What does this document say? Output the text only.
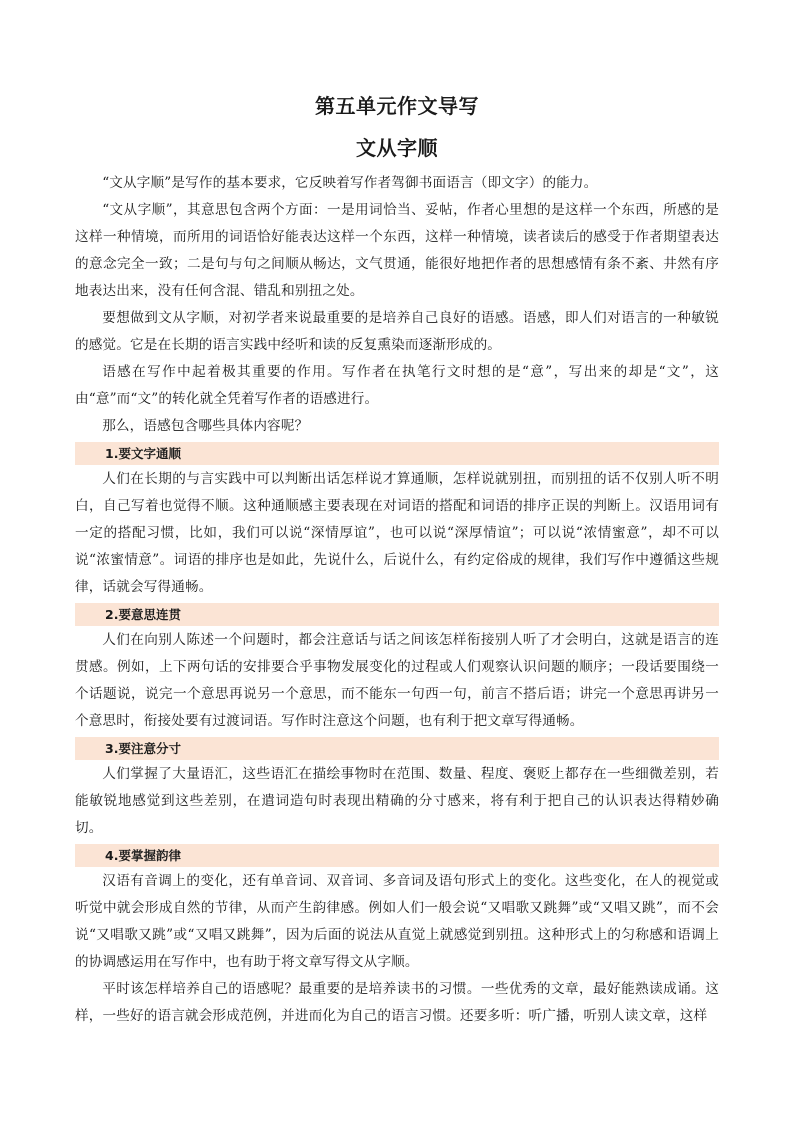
第五单元作文导写
文从字顺

“文从字顺”是写作的基本要求，它反映着写作者驾御书面语言（即文字）的能力。

“文从字顺”，其意思包含两个方面：一是用词恰当、妥帖，作者心里想的是这样一个东西，所感的是这样一种情境，而所用的词语恰好能表达这样一个东西，这样一种情境，读者读后的感受于作者期望表达的意念完全一致；二是句与句之间顺从畅达，文气贯通，能很好地把作者的思想感情有条不紊、井然有序地表达出来，没有任何含混、错乱和别扭之处。

要想做到文从字顺，对初学者来说最重要的是培养自己良好的语感。语感，即人们对语言的一种敏锐的感觉。它是在长期的语言实践中经听和读的反复熏染而逐渐形成的。

语感在写作中起着极其重要的作用。写作者在执笔行文时想的是“意”，写出来的却是“文”，这由“意”而“文”的转化就全凭着写作者的语感进行。

那么，语感包含哪些具体内容呢？

1.要文字通顺

人们在长期的与言实践中可以判断出话怎样说才算通顺，怎样说就别扭，而别扭的话不仅别人听不明白，自己写着也觉得不顺。这种通顺感主要表现在对词语的搭配和词语的排序正误的判断上。汉语用词有一定的搭配习惯，比如，我们可以说“深情厚谊”，也可以说“深厚情谊”；可以说“浓情蜜意”，却不可以说“浓蜜情意”。词语的排序也是如此，先说什么，后说什么，有约定俗成的规律，我们写作中遵循这些规律，话就会写得通畅。

2.要意思连贯

人们在向别人陈述一个问题时，都会注意话与话之间该怎样衔接别人听了才会明白，这就是语言的连贯感。例如，上下两句话的安排要合乎事物发展变化的过程或人们观察认识问题的顺序；一段话要围绕一个话题说，说完一个意思再说另一个意思，而不能东一句西一句，前言不搭后语；讲完一个意思再讲另一个意思时，衔接处要有过渡词语。写作时注意这个问题，也有利于把文章写得通畅。

3.要注意分寸

人们掌握了大量语汇，这些语汇在描绘事物时在范围、数量、程度、褒贬上都存在一些细微差别，若能敏锐地感觉到这些差别，在遣词造句时表现出精确的分寸感来，将有利于把自己的认识表达得精妙确切。

4.要掌握韵律

汉语有音调上的变化，还有单音词、双音词、多音词及语句形式上的变化。这些变化，在人的视觉或听觉中就会形成自然的节律，从而产生韵律感。例如人们一般会说“又唱歌又跳舞”或“又唱又跳”，而不会说“又唱歌又跳”或“又唱又跳舞”，因为后面的说法从直觉上就感觉到别扭。这种形式上的匀称感和语调上的协调感运用在写作中，也有助于将文章写得文从字顺。

平时该怎样培养自己的语感呢？最重要的是培养读书的习惯。一些优秀的文章，最好能熟读成诵。这样，一些好的语言就会形成范例，并进而化为自己的语言习惯。还要多听：听广播，听别人读文章，这样
